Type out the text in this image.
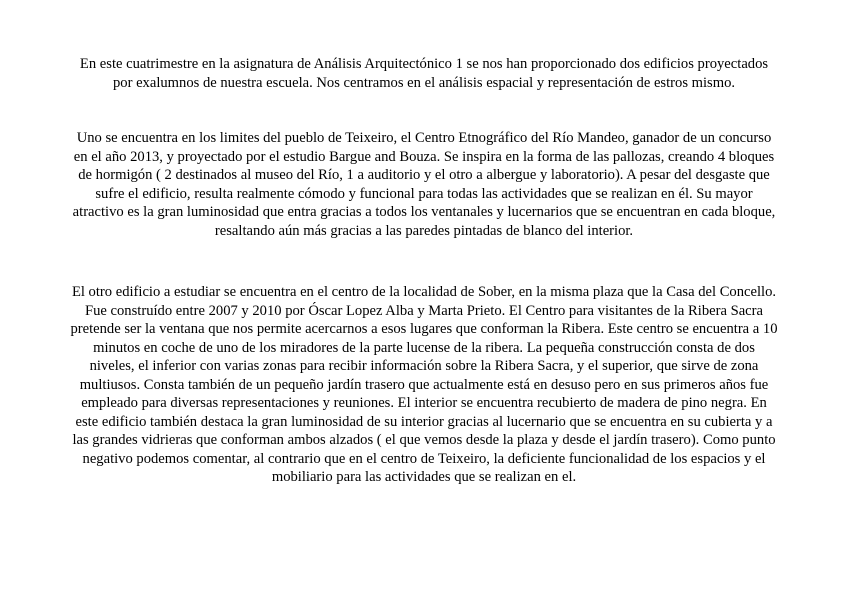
En este cuatrimestre en la asignatura de Análisis Arquitectónico 1 se nos han proporcionado dos edificios proyectados por exalumnos de nuestra escuela. Nos centramos en el análisis espacial y representación de estros mismo.

Uno se encuentra en los limites del pueblo de Teixeiro, el Centro Etnográfico del Río Mandeo, ganador de un concurso en el año 2013, y proyectado por el estudio Bargue and Bouza. Se inspira en la forma de las pallozas, creando 4 bloques de hormigón ( 2 destinados al museo del Río, 1 a auditorio y el otro a albergue y laboratorio). A pesar del desgaste que sufre el edificio, resulta realmente cómodo y funcional para todas las actividades que se realizan en él. Su mayor atractivo es la gran luminosidad que entra gracias a todos los ventanales y lucernarios que se encuentran en cada bloque, resaltando aún más gracias a las paredes pintadas de blanco del interior.

El otro edificio a estudiar se encuentra en el centro de la localidad de Sober, en la misma plaza que la Casa del Concello. Fue construído entre 2007 y 2010 por Óscar Lopez Alba y Marta Prieto. El Centro para visitantes de la Ribera Sacra pretende ser la ventana que nos permite acercarnos a esos lugares que conforman la Ribera. Este centro se encuentra a 10 minutos en coche de uno de los miradores de la parte lucense de la ribera. La pequeña construcción consta de dos niveles, el inferior con varias zonas para recibir información sobre la Ribera Sacra, y el superior, que sirve de zona multiusos. Consta también de un pequeño jardín trasero que actualmente está en desuso pero en sus primeros años fue empleado para diversas representaciones y reuniones. El interior se encuentra recubierto de madera de pino negra. En este edificio también destaca la gran luminosidad de su interior gracias al lucernario que se encuentra en su cubierta y a las grandes vidrieras que conforman ambos alzados ( el que vemos desde la plaza y desde el jardín trasero). Como punto negativo podemos comentar, al contrario que en el centro de Teixeiro, la deficiente funcionalidad de los espacios y el mobiliario para las actividades que se realizan en el.
